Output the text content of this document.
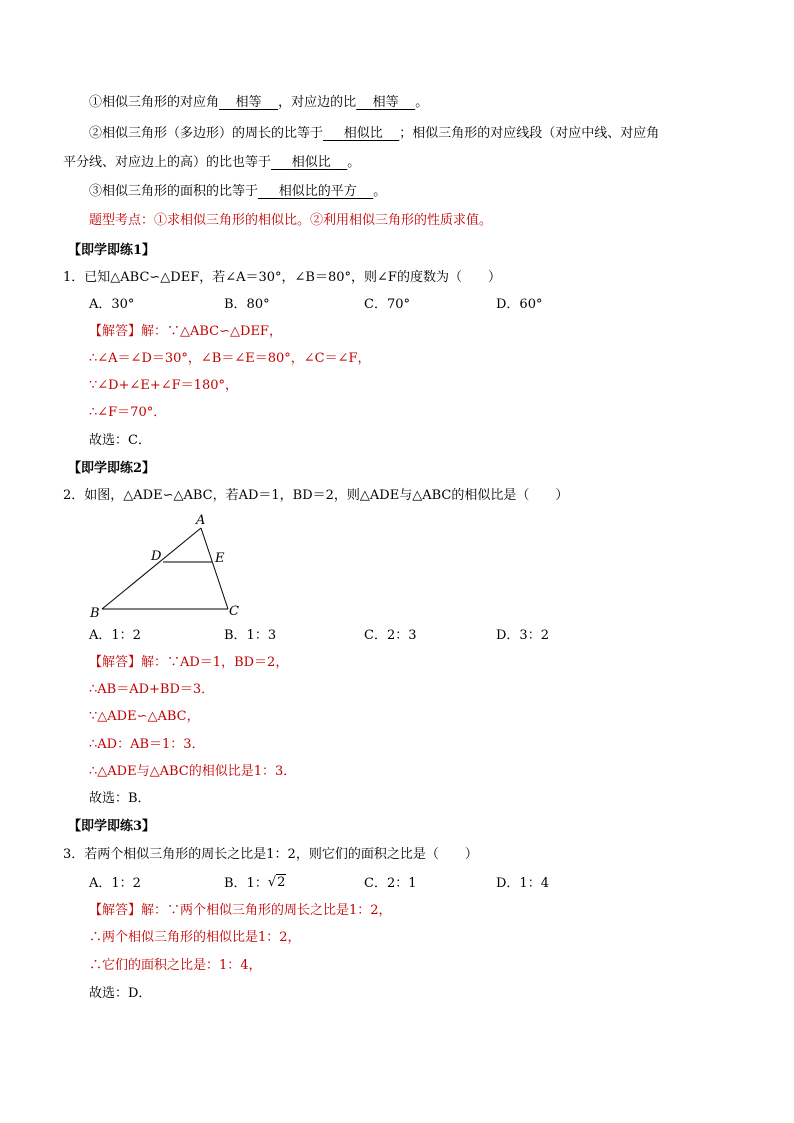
①相似三角形的对应角 相等 ，对应边的比 相等 。
②相似三角形（多边形）的周长的比等于 相似比 ；相似三角形的对应线段（对应中线、对应角
平分线、对应边上的高）的比也等于 相似比 。
③相似三角形的面积的比等于 相似比的平方 。
题型考点：①求相似三角形的相似比。②利用相似三角形的性质求值。
【即学即练1】
1．已知△ABC∽△DEF，若∠A＝30°，∠B＝80°，则∠F的度数为（　　）
A．30°	B．80°	C．70°	D．60°
【解答】解：∵△ABC∽△DEF，
∴∠A＝∠D＝30°，∠B＝∠E＝80°，∠C＝∠F，
∵∠D+∠E+∠F＝180°，
∴∠F＝70°．
故选：C．
【即学即练2】
2．如图，△ADE∽△ABC，若AD＝1，BD＝2，则△ADE与△ABC的相似比是（　　）
A
D	E
B	C
A．1：2	B．1：3	C．2：3	D．3：2
【解答】解：∵AD＝1，BD＝2，
∴AB＝AD+BD＝3．
∵△ADE∽△ABC，
∴AD：AB＝1：3．
∴△ADE与△ABC的相似比是1：3．
故选：B．
【即学即练3】
3．若两个相似三角形的周长之比是1：2，则它们的面积之比是（　　）
A．1：2	B．1：√2	C．2：1	D．1：4
【解答】解：∵两个相似三角形的周长之比是1：2，
∴两个相似三角形的相似比是1：2，
∴它们的面积之比是：1：4，
故选：D．
